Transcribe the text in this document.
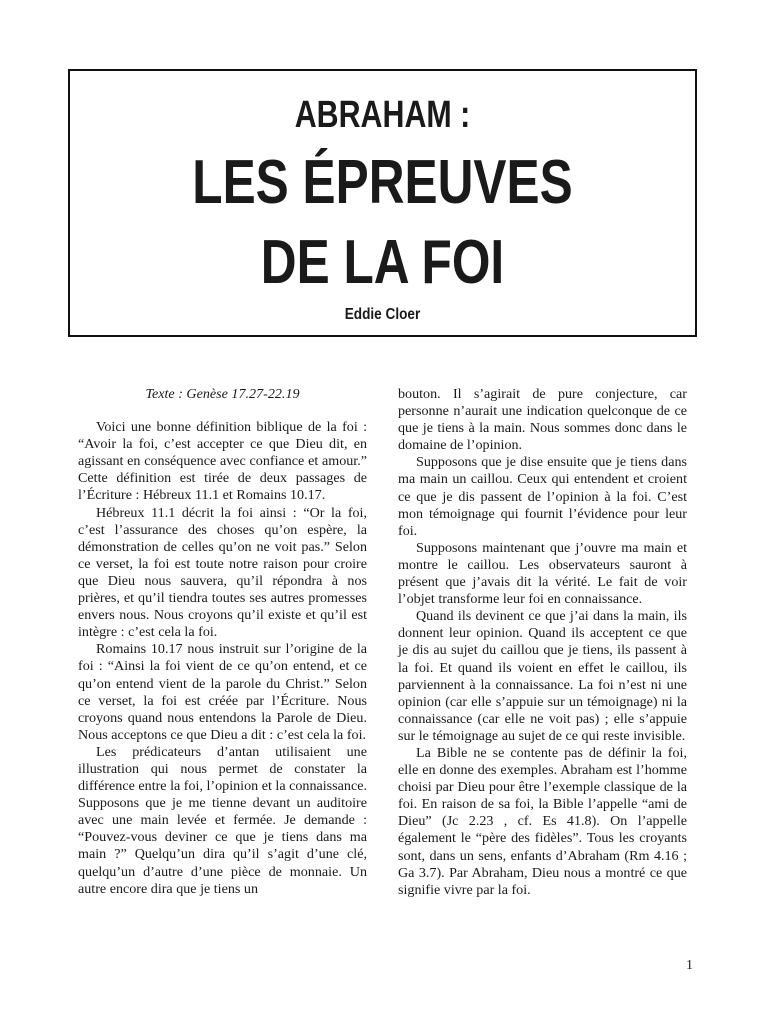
ABRAHAM :
LES ÉPREUVES
DE LA FOI
Eddie Cloer

Texte : Genèse 17.27-22.19

Voici une bonne définition biblique de la foi : “Avoir la foi, c’est accepter ce que Dieu dit, en agissant en conséquence avec confiance et amour.” Cette définition est tirée de deux passages de l’Écriture : Hébreux 11.1 et Romains 10.17.

Hébreux 11.1 décrit la foi ainsi : “Or la foi, c’est l’assurance des choses qu’on espère, la démonstration de celles qu’on ne voit pas.” Selon ce verset, la foi est toute notre raison pour croire que Dieu nous sauvera, qu’il répondra à nos prières, et qu’il tiendra toutes ses autres promesses envers nous. Nous croyons qu’il existe et qu’il est intègre : c’est cela la foi.

Romains 10.17 nous instruit sur l’origine de la foi : “Ainsi la foi vient de ce qu’on entend, et ce qu’on entend vient de la parole du Christ.” Selon ce verset, la foi est créée par l’Écriture. Nous croyons quand nous entendons la Parole de Dieu. Nous acceptons ce que Dieu a dit : c’est cela la foi.

Les prédicateurs d’antan utilisaient une illustration qui nous permet de constater la différence entre la foi, l’opinion et la connaissance. Supposons que je me tienne devant un auditoire avec une main levée et fermée. Je demande : “Pouvez-vous deviner ce que je tiens dans ma main ?” Quelqu’un dira qu’il s’agit d’une clé, quelqu’un d’autre d’une pièce de monnaie. Un autre encore dira que je tiens un

bouton. Il s’agirait de pure conjecture, car personne n’aurait une indication quelconque de ce que je tiens à la main. Nous sommes donc dans le domaine de l’opinion.

Supposons que je dise ensuite que je tiens dans ma main un caillou. Ceux qui entendent et croient ce que je dis passent de l’opinion à la foi. C’est mon témoignage qui fournit l’évidence pour leur foi.

Supposons maintenant que j’ouvre ma main et montre le caillou. Les observateurs sauront à présent que j’avais dit la vérité. Le fait de voir l’objet transforme leur foi en connaissance.

Quand ils devinent ce que j’ai dans la main, ils donnent leur opinion. Quand ils acceptent ce que je dis au sujet du caillou que je tiens, ils passent à la foi. Et quand ils voient en effet le caillou, ils parviennent à la connaissance. La foi n’est ni une opinion (car elle s’appuie sur un témoignage) ni la connaissance (car elle ne voit pas) ; elle s’appuie sur le témoignage au sujet de ce qui reste invisible.

La Bible ne se contente pas de définir la foi, elle en donne des exemples. Abraham est l’homme choisi par Dieu pour être l’exemple classique de la foi. En raison de sa foi, la Bible l’appelle “ami de Dieu” (Jc 2.23 , cf. Es 41.8). On l’appelle également le “père des fidèles”. Tous les croyants sont, dans un sens, enfants d’Abraham (Rm 4.16 ; Ga 3.7). Par Abraham, Dieu nous a montré ce que signifie vivre par la foi.

1
